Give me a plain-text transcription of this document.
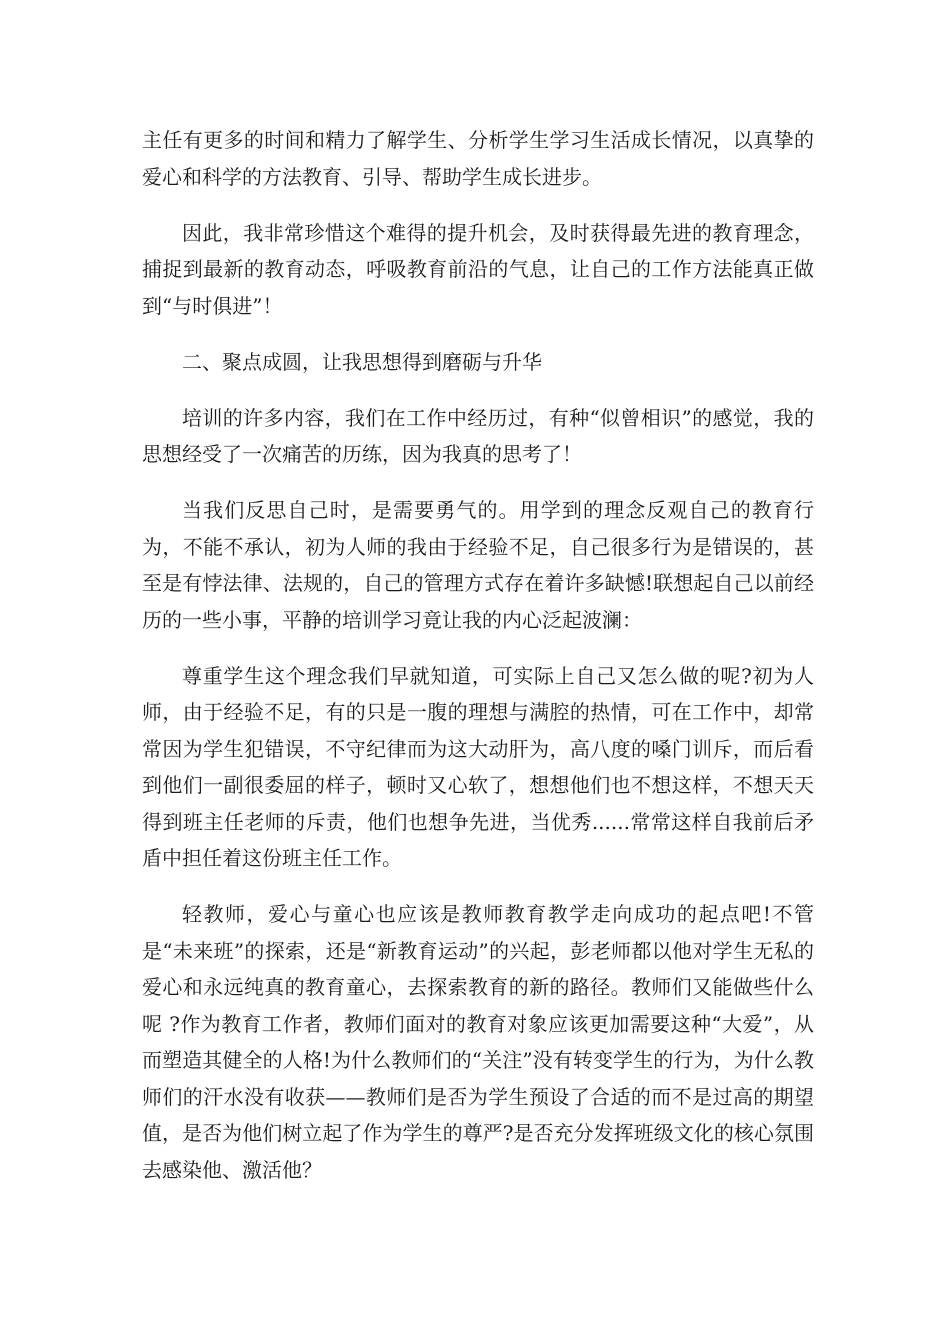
主任有更多的时间和精力了解学生、分析学生学习生活成长情况，以真挚的爱心和科学的方法教育、引导、帮助学生成长进步。

因此，我非常珍惜这个难得的提升机会，及时获得最先进的教育理念，捕捉到最新的教育动态，呼吸教育前沿的气息，让自己的工作方法能真正做到“与时俱进”！

二、聚点成圆，让我思想得到磨砺与升华

培训的许多内容，我们在工作中经历过，有种“似曾相识”的感觉，我的思想经受了一次痛苦的历练，因为我真的思考了！

当我们反思自己时，是需要勇气的。用学到的理念反观自己的教育行为，不能不承认，初为人师的我由于经验不足，自己很多行为是错误的，甚至是有悖法律、法规的，自己的管理方式存在着许多缺憾!联想起自己以前经历的一些小事，平静的培训学习竟让我的内心泛起波澜：

尊重学生这个理念我们早就知道，可实际上自己又怎么做的呢?初为人师，由于经验不足，有的只是一腹的理想与满腔的热情，可在工作中，却常常因为学生犯错误，不守纪律而为这大动肝为，高八度的嗓门训斥，而后看到他们一副很委屈的样子，顿时又心软了，想想他们也不想这样，不想天天得到班主任老师的斥责，他们也想争先进，当优秀......常常这样自我前后矛盾中担任着这份班主任工作。

轻教师，爱心与童心也应该是教师教育教学走向成功的起点吧!不管是“未来班”的探索，还是“新教育运动”的兴起，彭老师都以他对学生无私的爱心和永远纯真的教育童心，去探索教育的新的路径。教师们又能做些什么呢 ?作为教育工作者，教师们面对的教育对象应该更加需要这种“大爱”，从而塑造其健全的人格!为什么教师们的“关注”没有转变学生的行为，为什么教师们的汗水没有收获——教师们是否为学生预设了合适的而不是过高的期望值，是否为他们树立起了作为学生的尊严?是否充分发挥班级文化的核心氛围去感染他、激活他？
